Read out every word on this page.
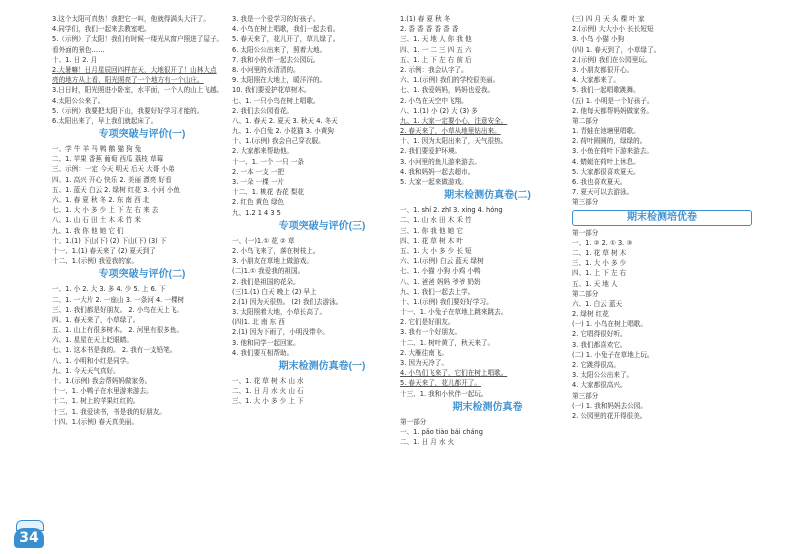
3.这个太阳可真热！我把它一叫，他就得满头大汗了。
4.同学们，我们一起来去教室吧。
5.（示例）了太阳！我们有时候一缕光从窗户照进了屋子。
看外面的景色……
十、1. 日 2. 月
2.大暑嘛！日月星辰回四样在天，大地很开了！山林大点
亮的地方从上看，阳光照亮了一个地方有一个山庄。
3.日日时，阳光照进小卧室，水平面，一个人的山上飞越。
4.太阳公公来了。
5.（示例）我要把太阳下山，我要好好学习才能的。
6.太阳出来了，早上我们就起床了。
专项突破与评价(一)
一、学 牛 羊 马 鸭 鹅 猫 狗 兔
二、1. 苹果 香蕉 葡萄 西瓜 荔枝 草莓
三、示例：一定 今天 明天 后天 大哥 小弟
四、1. 高兴 开心 快乐 2. 美丽 漂亮 好看
五、1. 蓝天 白云 2. 绿树 红花 3. 小河 小鱼
六、1. 春 夏 秋 冬 2. 东 南 西 北
七、1. 大 小 多 少 上 下 左 右 来 去
八、1. 山 石 田 土 木 禾 竹 米
九、1. 我 你 他 她 它 们
十、1.(1) 下山(下) (2) 下山(下) (3) 下
十一、1.(1) 春天来了 (2) 夏天到了
十二、1.(示例) 我爱我的家。
专项突破与评价(二)
一、1. 小 2. 大 3. 多 4. 少 5. 上 6. 下
二、1. 一大片 2. 一座山 3. 一条河 4. 一棵树
三、1. 我们都是好朋友。 2. 小鸟在天上飞。
四、1. 春天来了，小草绿了。
五、1. 山上有很多树木。 2. 河里有很多鱼。
六、1. 星星在天上眨眼睛。
七、1. 这本书是我的。 2. 我有一支铅笔。
八、1. 小明和小红是同学。
九、1. 今天天气真好。
十、1.(示例) 我会帮妈妈做家务。
十一、1. 小鸭子在水里游来游去。
十二、1. 树上的苹果红红的。
十三、1. 我爱读书，书是我的好朋友。
十四、1.(示例) 春天真美丽。
3. 我是一个爱学习的好孩子。
4. 小鸟在树上唱歌，我们一起去看。
5. 春天来了，花儿开了，草儿绿了。
6. 太阳公公出来了，照着大地。
7. 我和小伙伴一起去公园玩。
8. 小河里的水清清的。
9. 太阳照在大地上，暖洋洋的。
10. 我们要爱护花草树木。
七、1. 一只小鸟在树上唱歌。
2. 我们去公园看花。
八、1. 春天 2. 夏天 3. 秋天 4. 冬天
九、1. 小白兔 2. 小花猫 3. 小黄狗
十、1.(示例) 我会自己穿衣服。
2. 大家都来帮助他。
十一、1. 一个 一只 一条
2. 一本 一支 一把
3. 一朵 一棵 一片
十二、1. 桃花 杏花 梨花
2. 红色 黄色 绿色
九、1.2 1 4 3 5
专项突破与评价(三)
一、(一)1.① 花 ② 草
2. 小鸟飞来了，落在树枝上。
3. 小朋友在草地上做游戏。
(二)1.① 我爱我的祖国。
2. 我们是祖国的花朵。
(三)1.(1) 白天 晚上 (2) 早上
2.(1) 因为天很热。 (2) 我们去游泳。
3. 太阳照着大地，小草长高了。
(四)1. 北 南 东 西
2.(1) 因为下雨了，小明没带伞。
3. 他和同学一起回家。
4. 我们要互相帮助。
期末检测仿真卷(一)
一、1. 花 草 树 木 山 水
二、1. 日 月 水 火 山 石
三、1. 大 小 多 少 上 下
1.(1) 春 夏 秋 冬
2. 香 香 香 香 香 香
三、1. 天 地 人 你 我 他
四、1. 一 二 三 四 五 六
五、1. 上 下 左 右 前 后
2. 示例：我会认字了。
六、1.(示例) 我们的学校很美丽。
七、1. 我爱妈妈，妈妈也爱我。
2. 小鸟在天空中飞翔。
八、1.(1) 小 (2) 大 (3) 多
九、1. 大家一定要小心，注意安全。
2. 春天来了，小草从地里钻出来。
十、1. 因为太阳出来了，天气很热。
2. 我们要爱护环境。
3. 小河里的鱼儿游来游去。
4. 我和妈妈一起去超市。
5. 大家一起来做游戏。
期末检测仿真卷(二)
一、1. shí 2. zhī 3. xíng 4. hóng
二、1. 山 水 田 木 禾 竹
三、1. 你 我 他 她 它
四、1. 花 草 树 木 叶
五、1. 大 小 多 少 长 短
六、1.(示例) 白云 蓝天 绿树
七、1. 小猫 小狗 小鸡 小鸭
八、1. 爸爸 妈妈 爷爷 奶奶
九、1. 我们一起去上学。
十、1.(示例) 我们要好好学习。
十一、1. 小兔子在草地上跳来跳去。
2. 它们是好朋友。
3. 我有一个好朋友。
十二、1. 树叶黄了，秋天来了。
2. 大雁往南飞。
3. 因为天冷了。
4. 小鸟们飞来了，它们在树上唱歌。
5. 春天来了，花儿都开了。
十三、1. 我和小伙伴一起玩。
期末检测仿真卷
第一部分
一、1. pǎo tiào bái cháng
二、1. 日 月 水 火
(三) 四 月 天 头 棵 叶 家
2.(示例) 大大小小 长长短短
3. 小鸟 小猫 小狗
(四) 1. 春天到了，小草绿了。
2.(示例) 我们在公园里玩。
3. 小朋友都很开心。
4. 大家都来了。
5. 我们一起唱歌跳舞。
(五) 1. 小明是一个好孩子。
2. 他每天都帮妈妈做家务。
第二部分
1. 青蛙在池塘里唱歌。
2. 荷叶圆圆的，绿绿的。
3. 小鱼在荷叶下游来游去。
4. 蜻蜓在荷叶上休息。
5. 大家都很喜欢夏天。
6. 我也喜欢夏天。
7. 夏天可以去游泳。
第三部分
期末检测培优卷
第一部分
一、1. ② 2. ① 3. ③
二、1. 花 草 树 木
三、1. 大 小 多 少
四、1. 上 下 左 右
五、1. 天 地 人
第二部分
六、1. 白云 蓝天
2. 绿树 红花
(一) 1. 小鸟在树上唱歌。
2. 它唱得很好听。
3. 我们都喜欢它。
(二) 1. 小兔子在草地上玩。
2. 它跳得很高。
3. 太阳公公出来了。
4. 大家都很高兴。
第三部分
(一) 1. 我和妈妈去公园。
2. 公园里的花开得很美。
34
